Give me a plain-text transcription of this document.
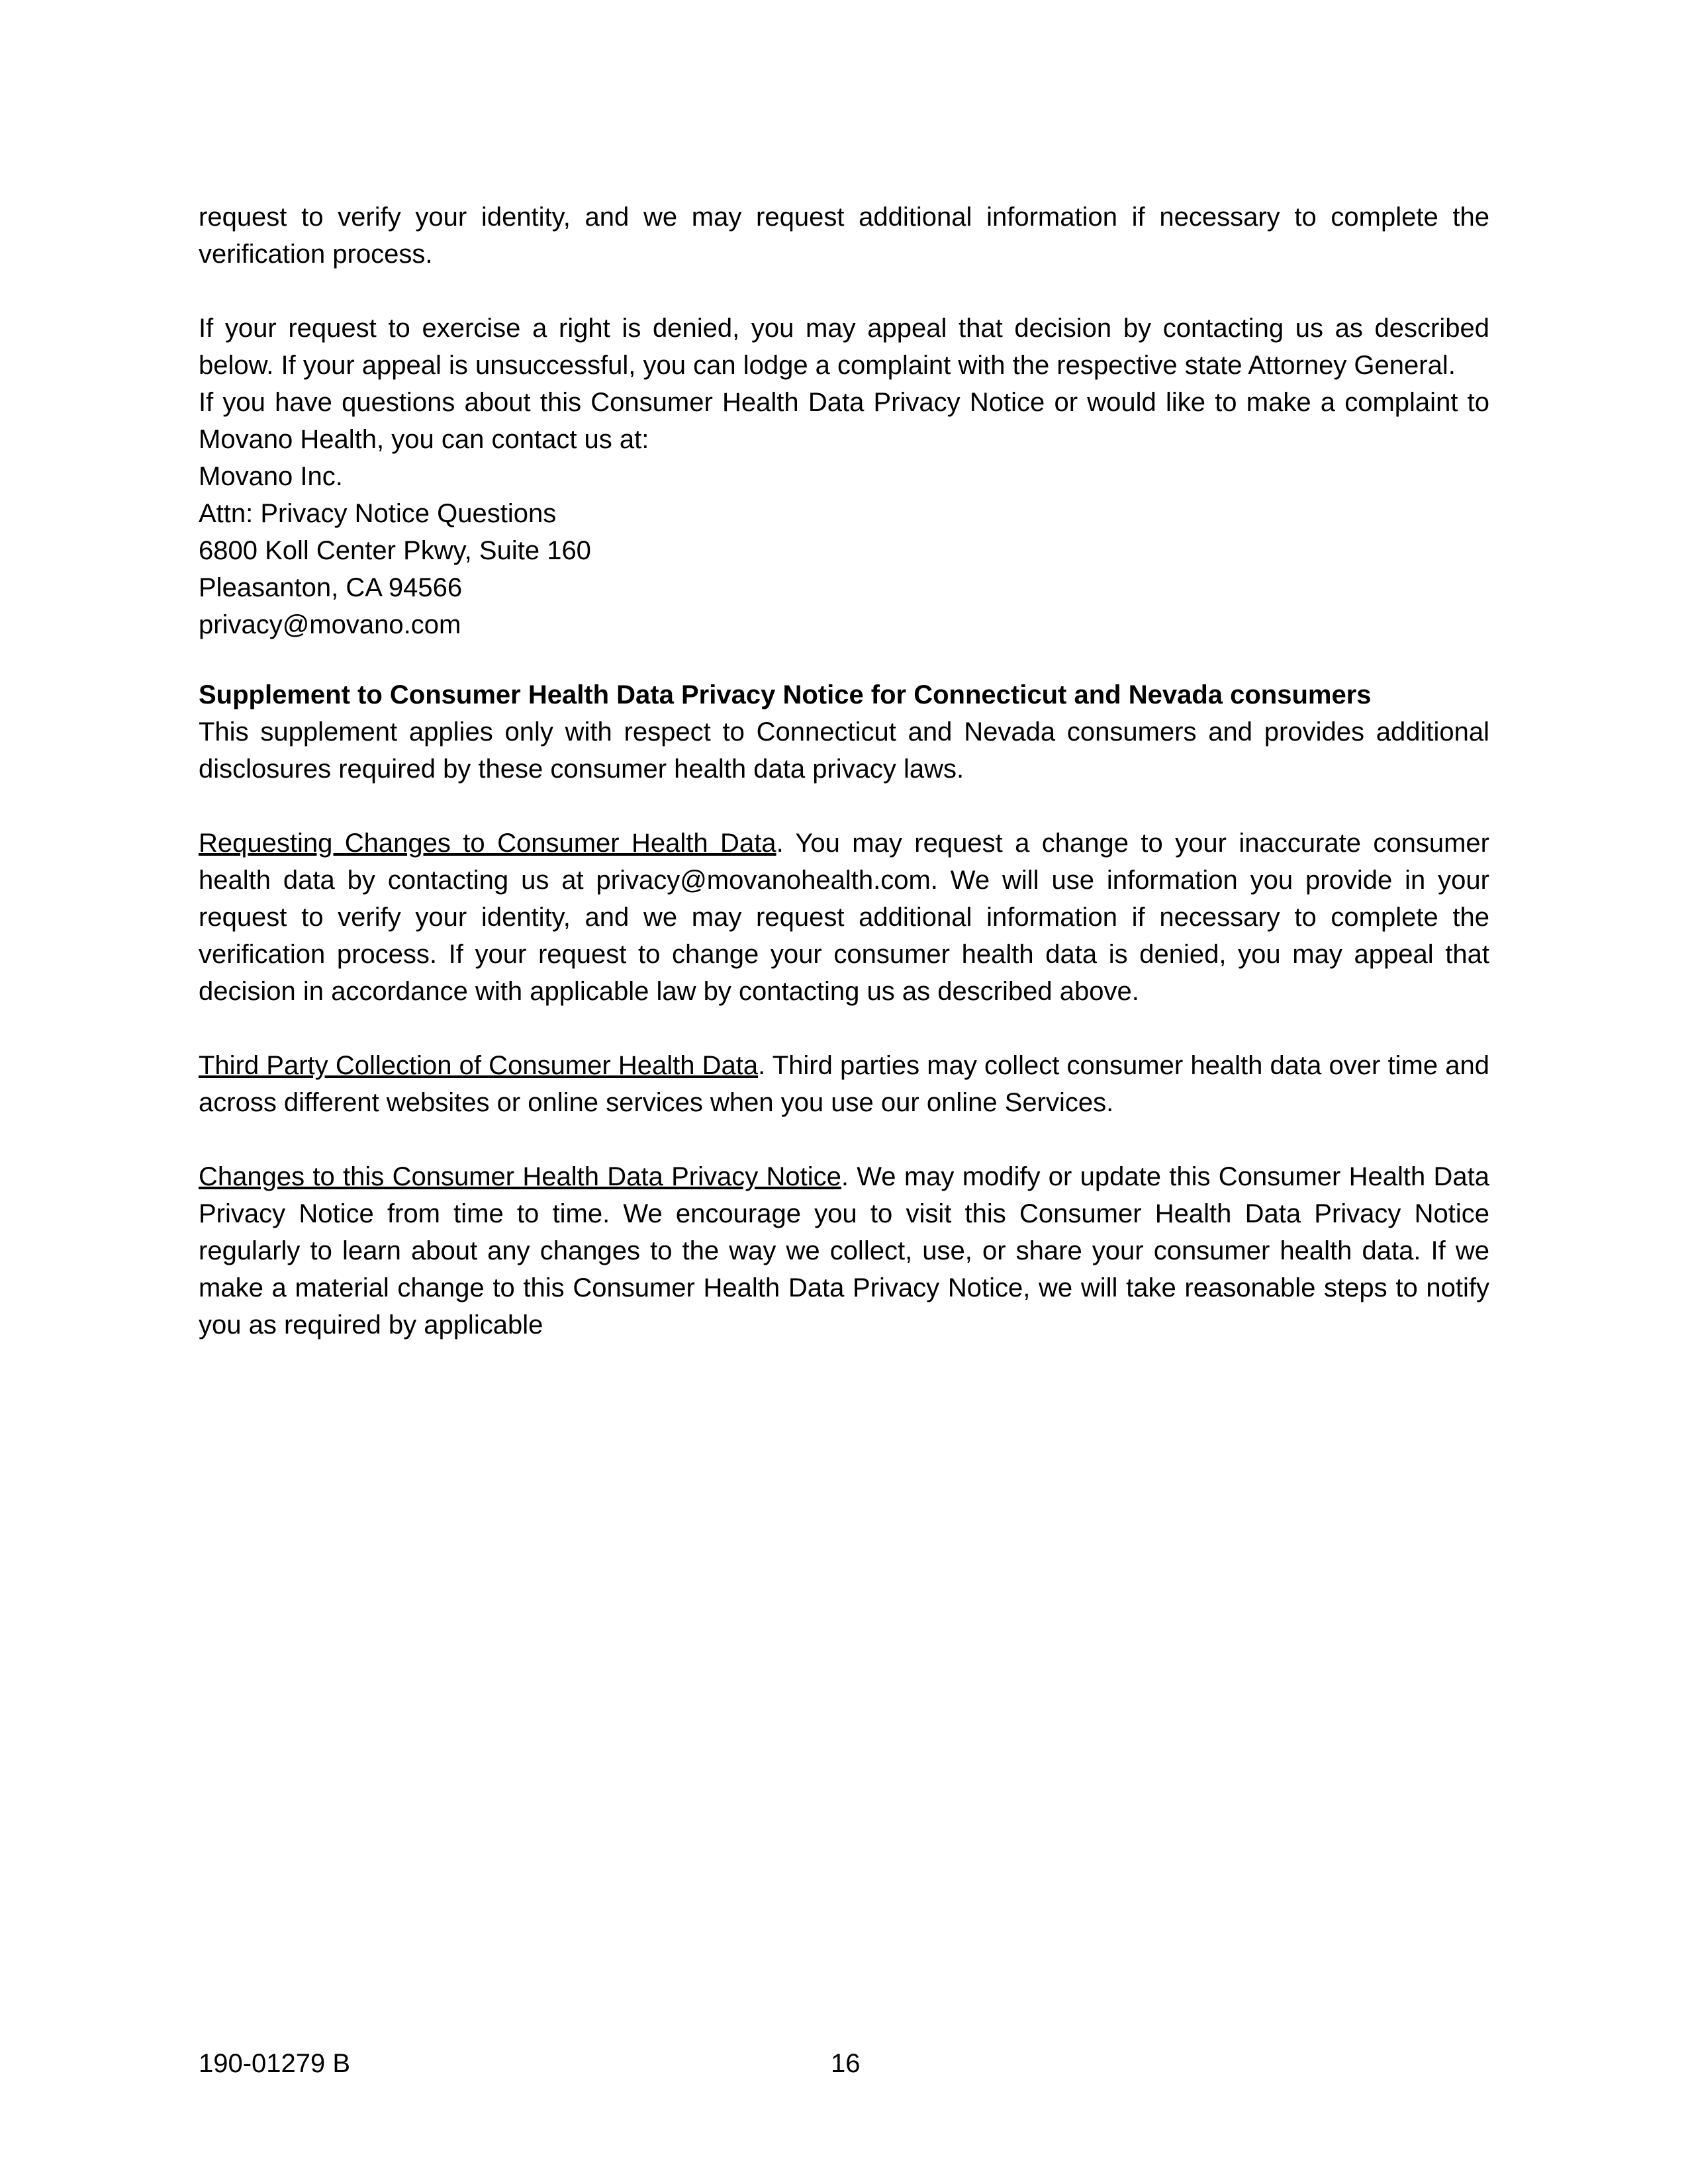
request to verify your identity, and we may request additional information if necessary to complete the verification process.

If your request to exercise a right is denied, you may appeal that decision by contacting us as described below. If your appeal is unsuccessful, you can lodge a complaint with the respective state Attorney General.

If you have questions about this Consumer Health Data Privacy Notice or would like to make a complaint to Movano Health, you can contact us at:

Movano Inc.
Attn: Privacy Notice Questions
6800 Koll Center Pkwy, Suite 160
Pleasanton, CA 94566
privacy@movano.com
Supplement to Consumer Health Data Privacy Notice for Connecticut and Nevada consumers

This supplement applies only with respect to Connecticut and Nevada consumers and provides additional disclosures required by these consumer health data privacy laws.

Requesting Changes to Consumer Health Data. You may request a change to your inaccurate consumer health data by contacting us at privacy@movanohealth.com. We will use information you provide in your request to verify your identity, and we may request additional information if necessary to complete the verification process. If your request to change your consumer health data is denied, you may appeal that decision in accordance with applicable law by contacting us as described above.

Third Party Collection of Consumer Health Data. Third parties may collect consumer health data over time and across different websites or online services when you use our online Services.

Changes to this Consumer Health Data Privacy Notice. We may modify or update this Consumer Health Data Privacy Notice from time to time. We encourage you to visit this Consumer Health Data Privacy Notice regularly to learn about any changes to the way we collect, use, or share your consumer health data. If we make a material change to this Consumer Health Data Privacy Notice, we will take reasonable steps to notify you as required by applicable

190-01279 B	16
